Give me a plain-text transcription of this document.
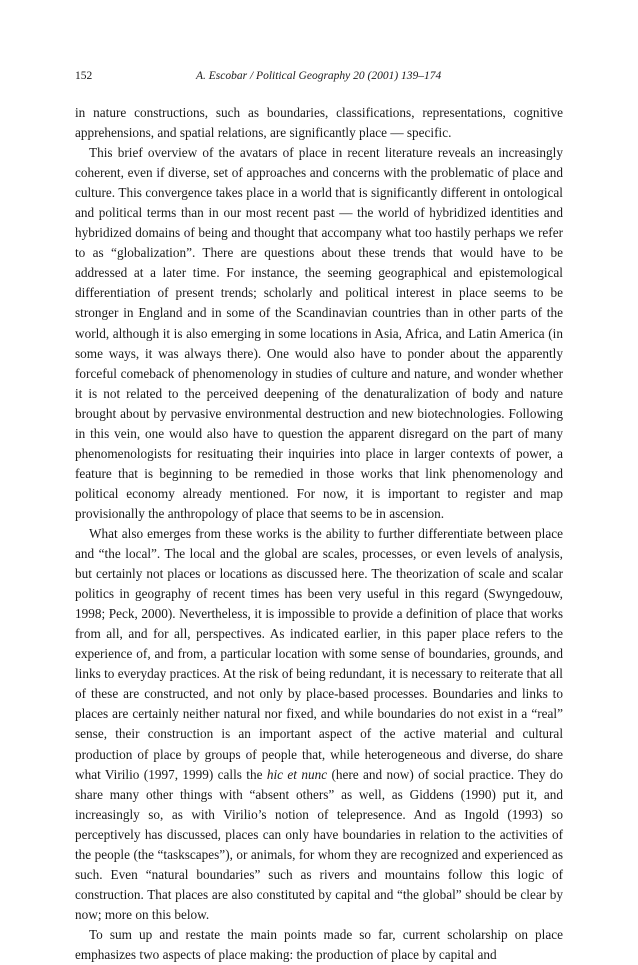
152	A. Escobar / Political Geography 20 (2001) 139–174

in nature constructions, such as boundaries, classifications, representations, cognitive apprehensions, and spatial relations, are significantly place — specific.

This brief overview of the avatars of place in recent literature reveals an increasingly coherent, even if diverse, set of approaches and concerns with the problematic of place and culture. This convergence takes place in a world that is significantly different in ontological and political terms than in our most recent past — the world of hybridized identities and hybridized domains of being and thought that accompany what too hastily perhaps we refer to as “globalization”. There are questions about these trends that would have to be addressed at a later time. For instance, the seeming geographical and epistemological differentiation of present trends; scholarly and political interest in place seems to be stronger in England and in some of the Scandinavian countries than in other parts of the world, although it is also emerging in some locations in Asia, Africa, and Latin America (in some ways, it was always there). One would also have to ponder about the apparently forceful comeback of phenomenology in studies of culture and nature, and wonder whether it is not related to the perceived deepening of the denaturalization of body and nature brought about by pervasive environmental destruction and new biotechnologies. Following in this vein, one would also have to question the apparent disregard on the part of many phenomenologists for resituating their inquiries into place in larger contexts of power, a feature that is beginning to be remedied in those works that link phenomenology and political economy already mentioned. For now, it is important to register and map provisionally the anthropology of place that seems to be in ascension.

What also emerges from these works is the ability to further differentiate between place and “the local”. The local and the global are scales, processes, or even levels of analysis, but certainly not places or locations as discussed here. The theorization of scale and scalar politics in geography of recent times has been very useful in this regard (Swyngedouw, 1998; Peck, 2000). Nevertheless, it is impossible to provide a definition of place that works from all, and for all, perspectives. As indicated earlier, in this paper place refers to the experience of, and from, a particular location with some sense of boundaries, grounds, and links to everyday practices. At the risk of being redundant, it is necessary to reiterate that all of these are constructed, and not only by place-based processes. Boundaries and links to places are certainly neither natural nor fixed, and while boundaries do not exist in a “real” sense, their construction is an important aspect of the active material and cultural production of place by groups of people that, while heterogeneous and diverse, do share what Virilio (1997, 1999) calls the hic et nunc (here and now) of social practice. They do share many other things with “absent others” as well, as Giddens (1990) put it, and increasingly so, as with Virilio’s notion of telepresence. And as Ingold (1993) so perceptively has discussed, places can only have boundaries in relation to the activities of the people (the “taskscapes”), or animals, for whom they are recognized and experienced as such. Even “natural boundaries” such as rivers and mountains follow this logic of construction. That places are also constituted by capital and “the global” should be clear by now; more on this below.

To sum up and restate the main points made so far, current scholarship on place emphasizes two aspects of place making: the production of place by capital and
